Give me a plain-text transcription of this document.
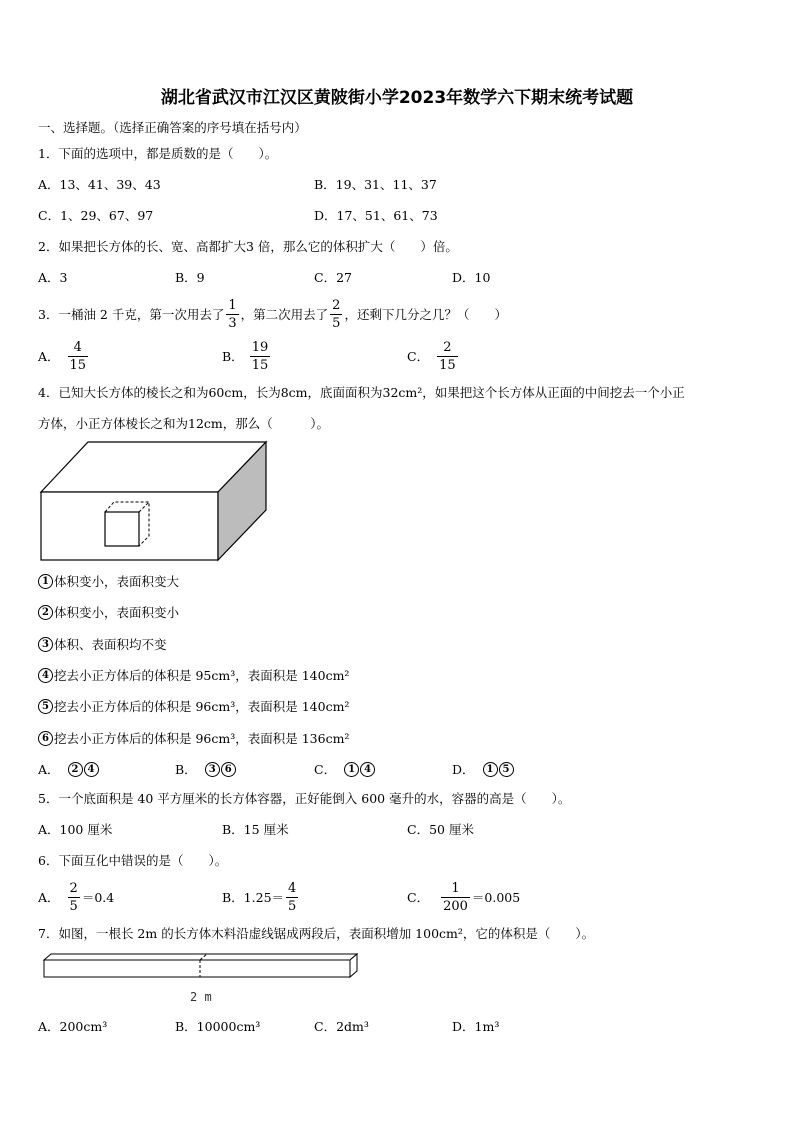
湖北省武汉市江汉区黄陂街小学2023年数学六下期末统考试题
一、选择题。（选择正确答案的序号填在括号内）
1．下面的选项中，都是质数的是（　　）。
A．13、41、39、43	B．19、31、11、37
C．1、29、67、97	D．17、51、61、73
2．如果把长方体的长、宽、高都扩大3 倍，那么它的体积扩大（　　）倍。
A．3	B．9	C．27	D．10
3．一桶油 2 千克，第一次用去了 $\frac{1}{3}$ ，第二次用去了 $\frac{2}{5}$ ，还剩下几分之几？（　　）
A． $\frac{4}{15}$	B． $\frac{19}{15}$	C． $\frac{2}{15}$
4．已知大长方体的棱长之和为60cm，长为8cm，底面面积为32cm²，如果把这个长方体从正面的中间挖去一个小正
方体，小正方体棱长之和为12cm，那么（　　　）。
1 体积变小，表面积变大
2 体积变小，表面积变小
3 体积、表面积均不变
4 挖去小正方体后的体积是 95cm³，表面积是 140cm²
5 挖去小正方体后的体积是 96cm³，表面积是 140cm²
6 挖去小正方体后的体积是 96cm³，表面积是 136cm²
A．	2 4	B．	3 6	C．	1 4	D．	1 5
5．一个底面积是 40 平方厘米的长方体容器，正好能倒入 600 毫升的水，容器的高是（　　）。
A．100 厘米	B．15 厘米	C．50 厘米
6．下面互化中错误的是（　　）。
A． $\frac{2}{5} =0.4$	B．$1.25= \frac{4}{5}$	C． $\frac{1}{200} =0.005$
7．如图，一根长 2m 的长方体木料沿虚线锯成两段后，表面积增加 100cm²，它的体积是（　　）。
2 m
A．200cm³	B．10000cm³	C．2dm³	D．1m³
